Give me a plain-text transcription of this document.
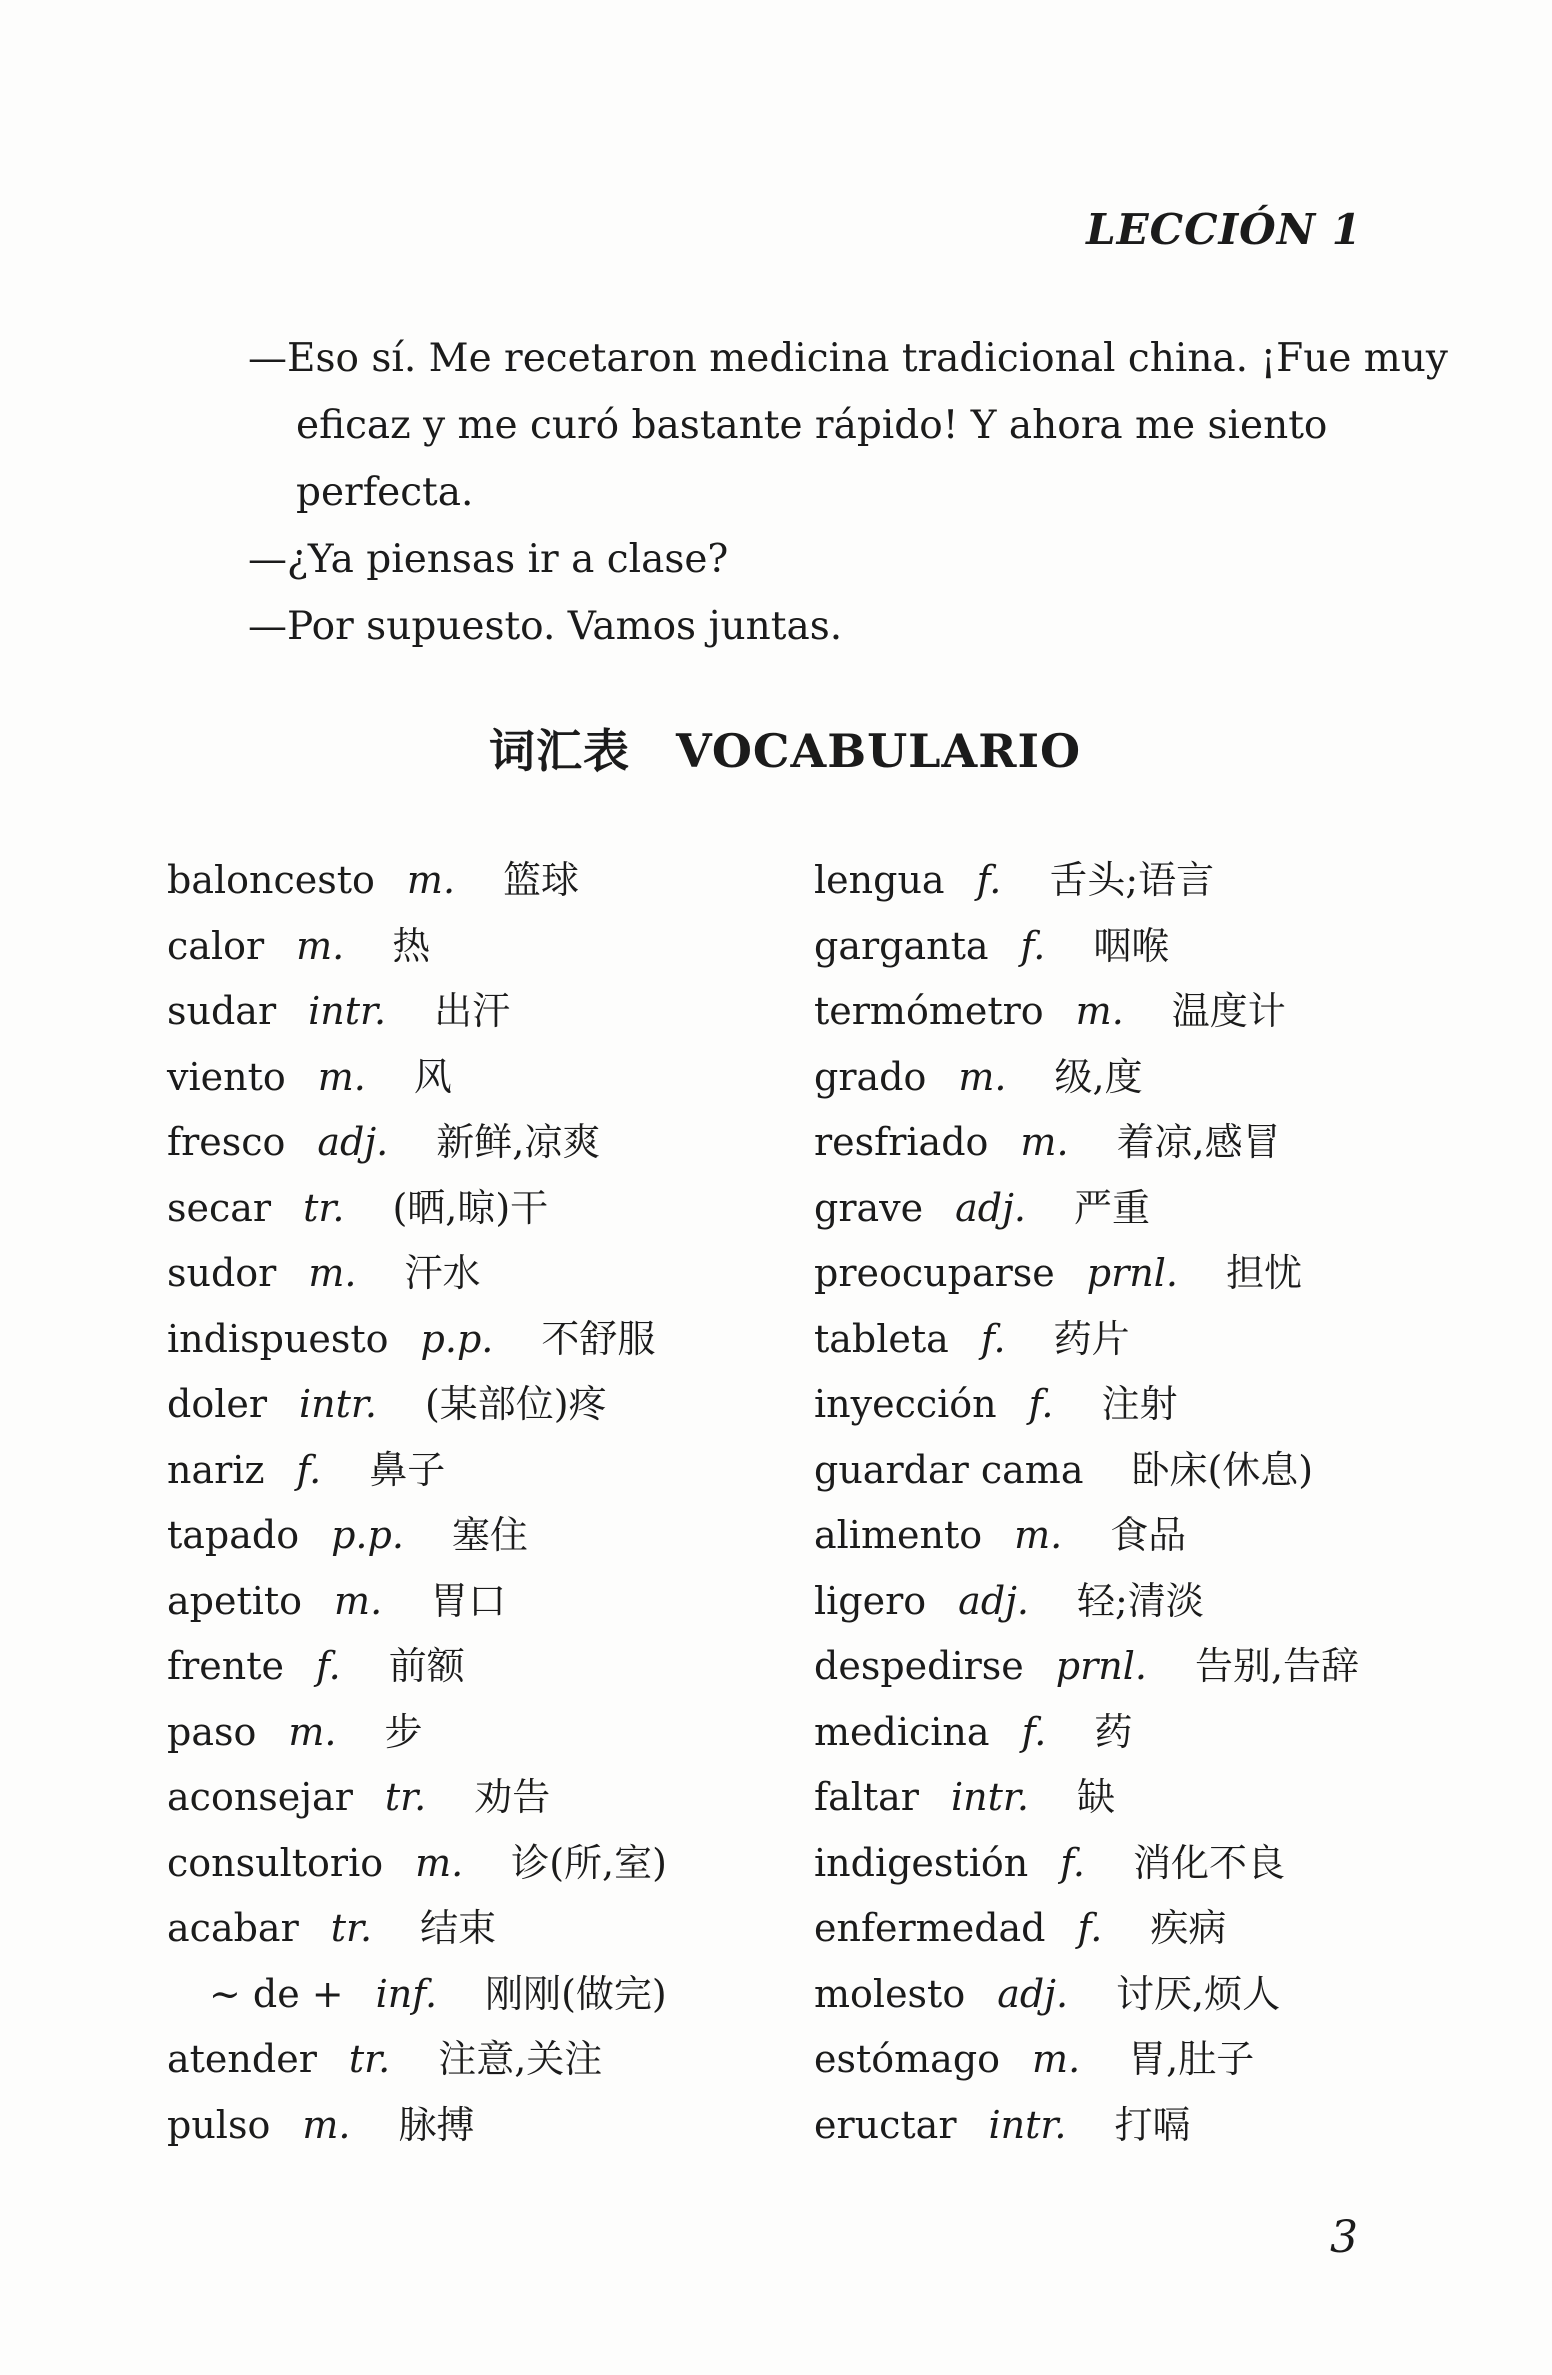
LECCIÓN 1

—Eso sí. Me recetaron medicina tradicional china. ¡Fue muy eficaz y me curó bastante rápido! Y ahora me siento perfecta.

—¿Ya piensas ir a clase?

—Por supuesto. Vamos juntas.

词汇表 VOCABULARIO
baloncesto m. 篮球
calor m. 热
sudar intr. 出汗
viento m. 风
fresco adj. 新鲜,凉爽
secar tr. (晒,晾)干
sudor m. 汗水
indispuesto p.p. 不舒服
doler intr. (某部位)疼
nariz f. 鼻子
tapado p.p. 塞住
apetito m. 胃口
frente f. 前额
paso m. 步
aconsejar tr. 劝告
consultorio m. 诊(所,室)
acabar tr. 结束
~ de + inf. 刚刚(做完)
atender tr. 注意,关注
pulso m. 脉搏
lengua f. 舌头;语言
garganta f. 咽喉
termómetro m. 温度计
grado m. 级,度
resfriado m. 着凉,感冒
grave adj. 严重
preocuparse prnl. 担忧
tableta f. 药片
inyección f. 注射
guardar cama 卧床(休息)
alimento m. 食品
ligero adj. 轻;清淡
despedirse prnl. 告别,告辞
medicina f. 药
faltar intr. 缺
indigestión f. 消化不良
enfermedad f. 疾病
molesto adj. 讨厌,烦人
estómago m. 胃,肚子
eructar intr. 打嗝
3
